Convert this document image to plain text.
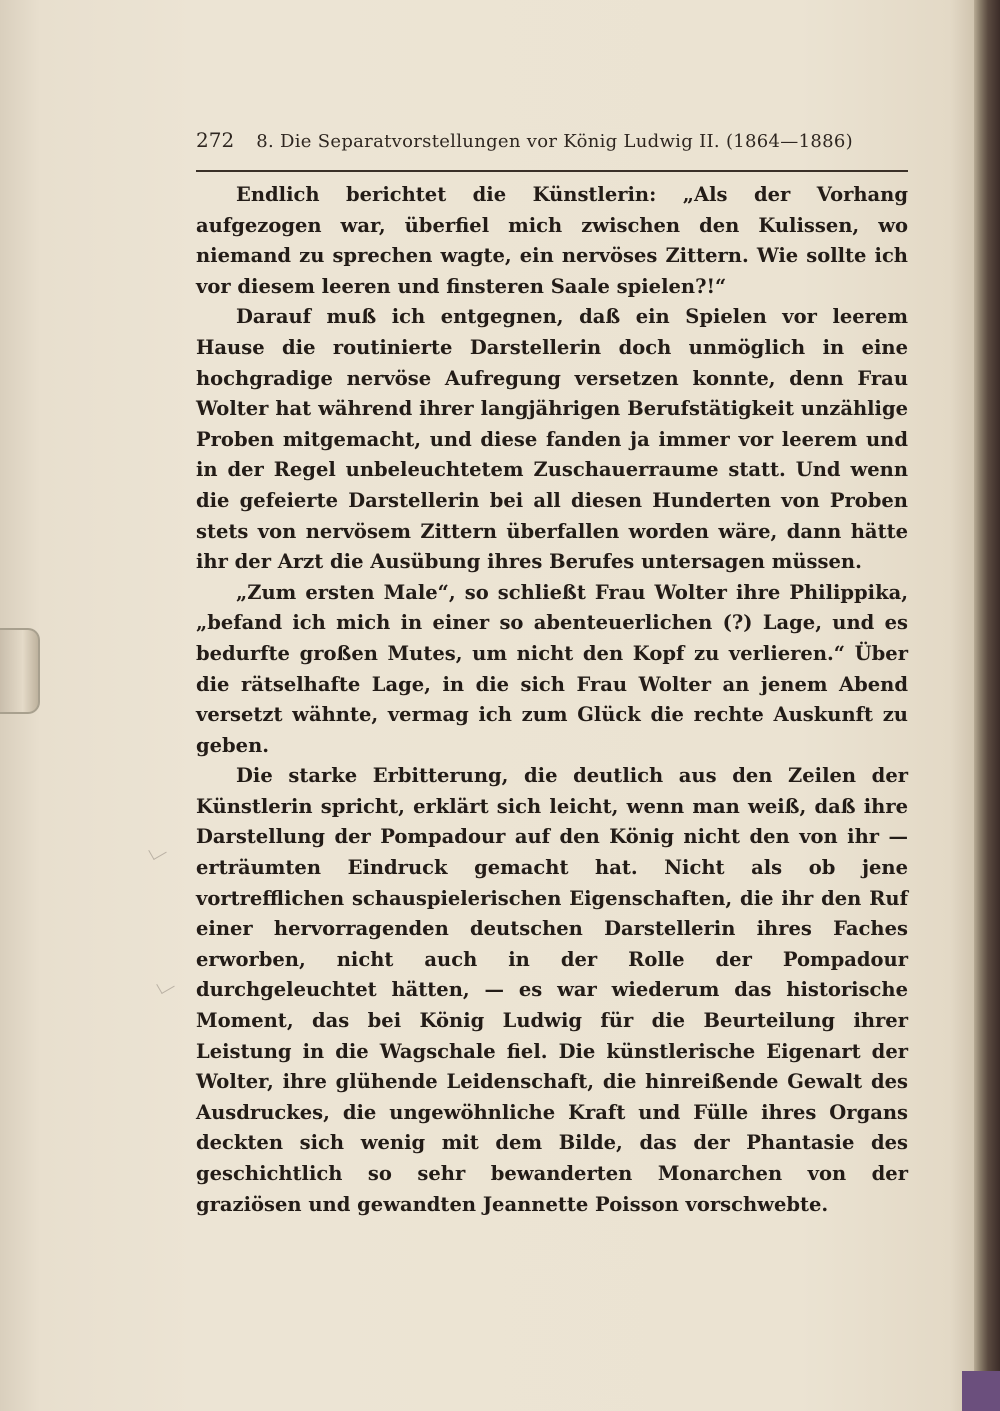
272 8. Die Separatvorstellungen vor König Ludwig II. (1864—1886)

Endlich berichtet die Künstlerin: „Als der Vorhang aufgezogen war, überfiel mich zwischen den Kulissen, wo niemand zu sprechen wagte, ein nervöses Zittern. Wie sollte ich vor diesem leeren und finsteren Saale spielen?!“

Darauf muß ich entgegnen, daß ein Spielen vor leerem Hause die routinierte Darstellerin doch unmöglich in eine hochgradige nervöse Aufregung versetzen konnte, denn Frau Wolter hat während ihrer langjährigen Berufstätigkeit unzählige Proben mitgemacht, und diese fanden ja immer vor leerem und in der Regel unbeleuchtetem Zuschauerraume statt. Und wenn die gefeierte Darstellerin bei all diesen Hunderten von Proben stets von nervösem Zittern überfallen worden wäre, dann hätte ihr der Arzt die Ausübung ihres Berufes untersagen müssen.

„Zum ersten Male“, so schließt Frau Wolter ihre Philippika, „befand ich mich in einer so abenteuerlichen (?) Lage, und es bedurfte großen Mutes, um nicht den Kopf zu verlieren.“ Über die rätselhafte Lage, in die sich Frau Wolter an jenem Abend versetzt wähnte, vermag ich zum Glück die rechte Auskunft zu geben.

Die starke Erbitterung, die deutlich aus den Zeilen der Künstlerin spricht, erklärt sich leicht, wenn man weiß, daß ihre Darstellung der Pompadour auf den König nicht den von ihr — erträumten Eindruck gemacht hat. Nicht als ob jene vortrefflichen schauspielerischen Eigenschaften, die ihr den Ruf einer hervorragenden deutschen Darstellerin ihres Faches erworben, nicht auch in der Rolle der Pompadour durchgeleuchtet hätten, — es war wiederum das historische Moment, das bei König Ludwig für die Beurteilung ihrer Leistung in die Wagschale fiel. Die künstlerische Eigenart der Wolter, ihre glühende Leidenschaft, die hinreißende Gewalt des Ausdruckes, die ungewöhnliche Kraft und Fülle ihres Organs deckten sich wenig mit dem Bilde, das der Phantasie des geschichtlich so sehr bewanderten Monarchen von der graziösen und gewandten Jeannette Poisson vorschwebte.
